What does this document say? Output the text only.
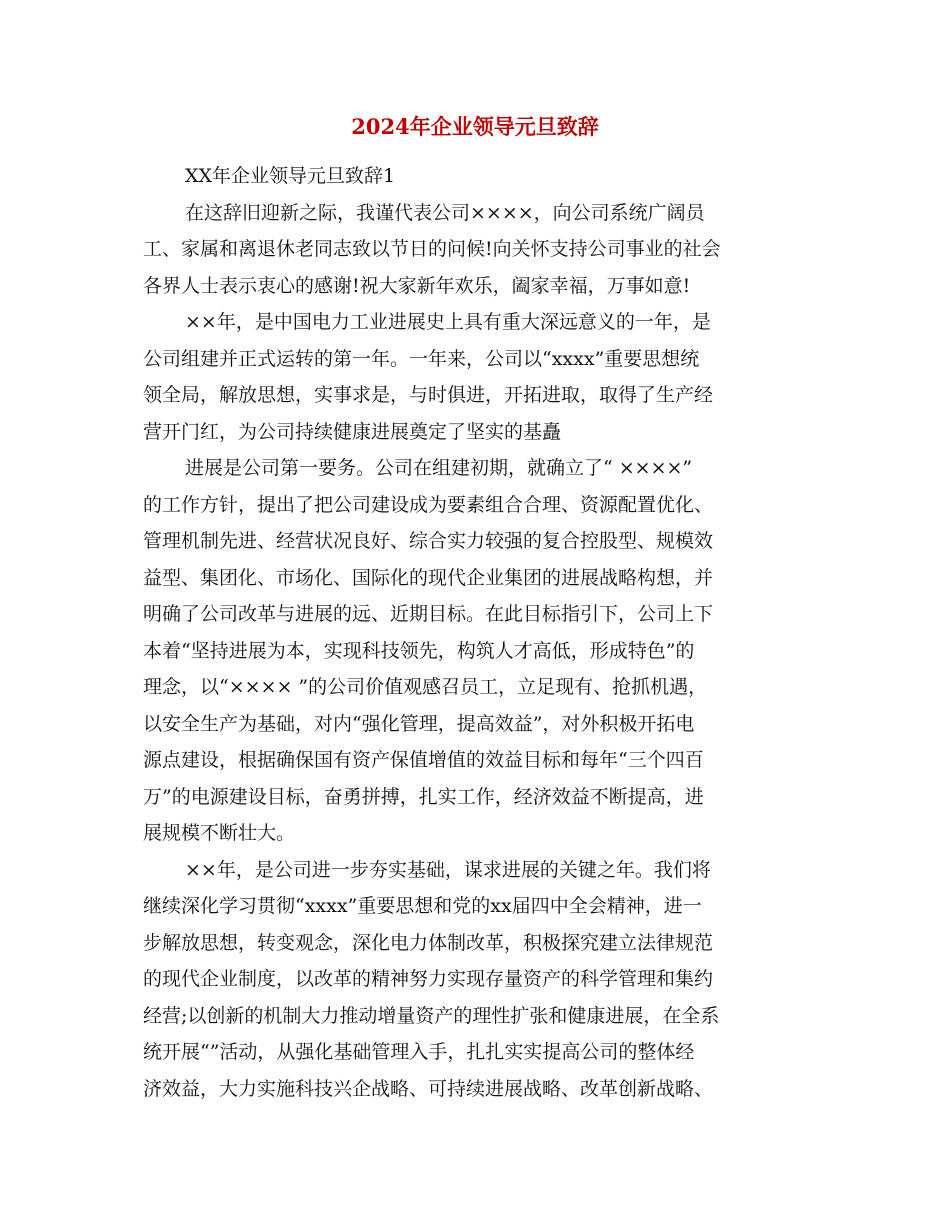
2024年企业领导元旦致辞
XX年企业领导元旦致辞1
在这辞旧迎新之际，我谨代表公司××××，向公司系统广阔员
工、家属和离退休老同志致以节日的问候!向关怀支持公司事业的社会
各界人士表示衷心的感谢!祝大家新年欢乐，阖家幸福，万事如意!
××年，是中国电力工业进展史上具有重大深远意义的一年，是
公司组建并正式运转的第一年。一年来，公司以“xxxx”重要思想统
领全局，解放思想，实事求是，与时俱进，开拓进取，取得了生产经
营开门红，为公司持续健康进展奠定了坚实的基矗
进展是公司第一要务。公司在组建初期，就确立了“ ××××”
的工作方针，提出了把公司建设成为要素组合合理、资源配置优化、
管理机制先进、经营状况良好、综合实力较强的复合控股型、规模效
益型、集团化、市场化、国际化的现代企业集团的进展战略构想，并
明确了公司改革与进展的远、近期目标。在此目标指引下，公司上下
本着“坚持进展为本，实现科技领先，构筑人才高低，形成特色”的
理念，以“×××× ”的公司价值观感召员工，立足现有、抢抓机遇，
以安全生产为基础，对内“强化管理，提高效益”，对外积极开拓电
源点建设，根据确保国有资产保值增值的效益目标和每年“三个四百
万”的电源建设目标，奋勇拼搏，扎实工作，经济效益不断提高，进
展规模不断壮大。
××年，是公司进一步夯实基础，谋求进展的关键之年。我们将
继续深化学习贯彻“xxxx”重要思想和党的xx届四中全会精神，进一
步解放思想，转变观念，深化电力体制改革，积极探究建立法律规范
的现代企业制度，以改革的精神努力实现存量资产的科学管理和集约
经营;以创新的机制大力推动增量资产的理性扩张和健康进展，在全系
统开展“”活动，从强化基础管理入手，扎扎实实提高公司的整体经
济效益，大力实施科技兴企战略、可持续进展战略、改革创新战略、
